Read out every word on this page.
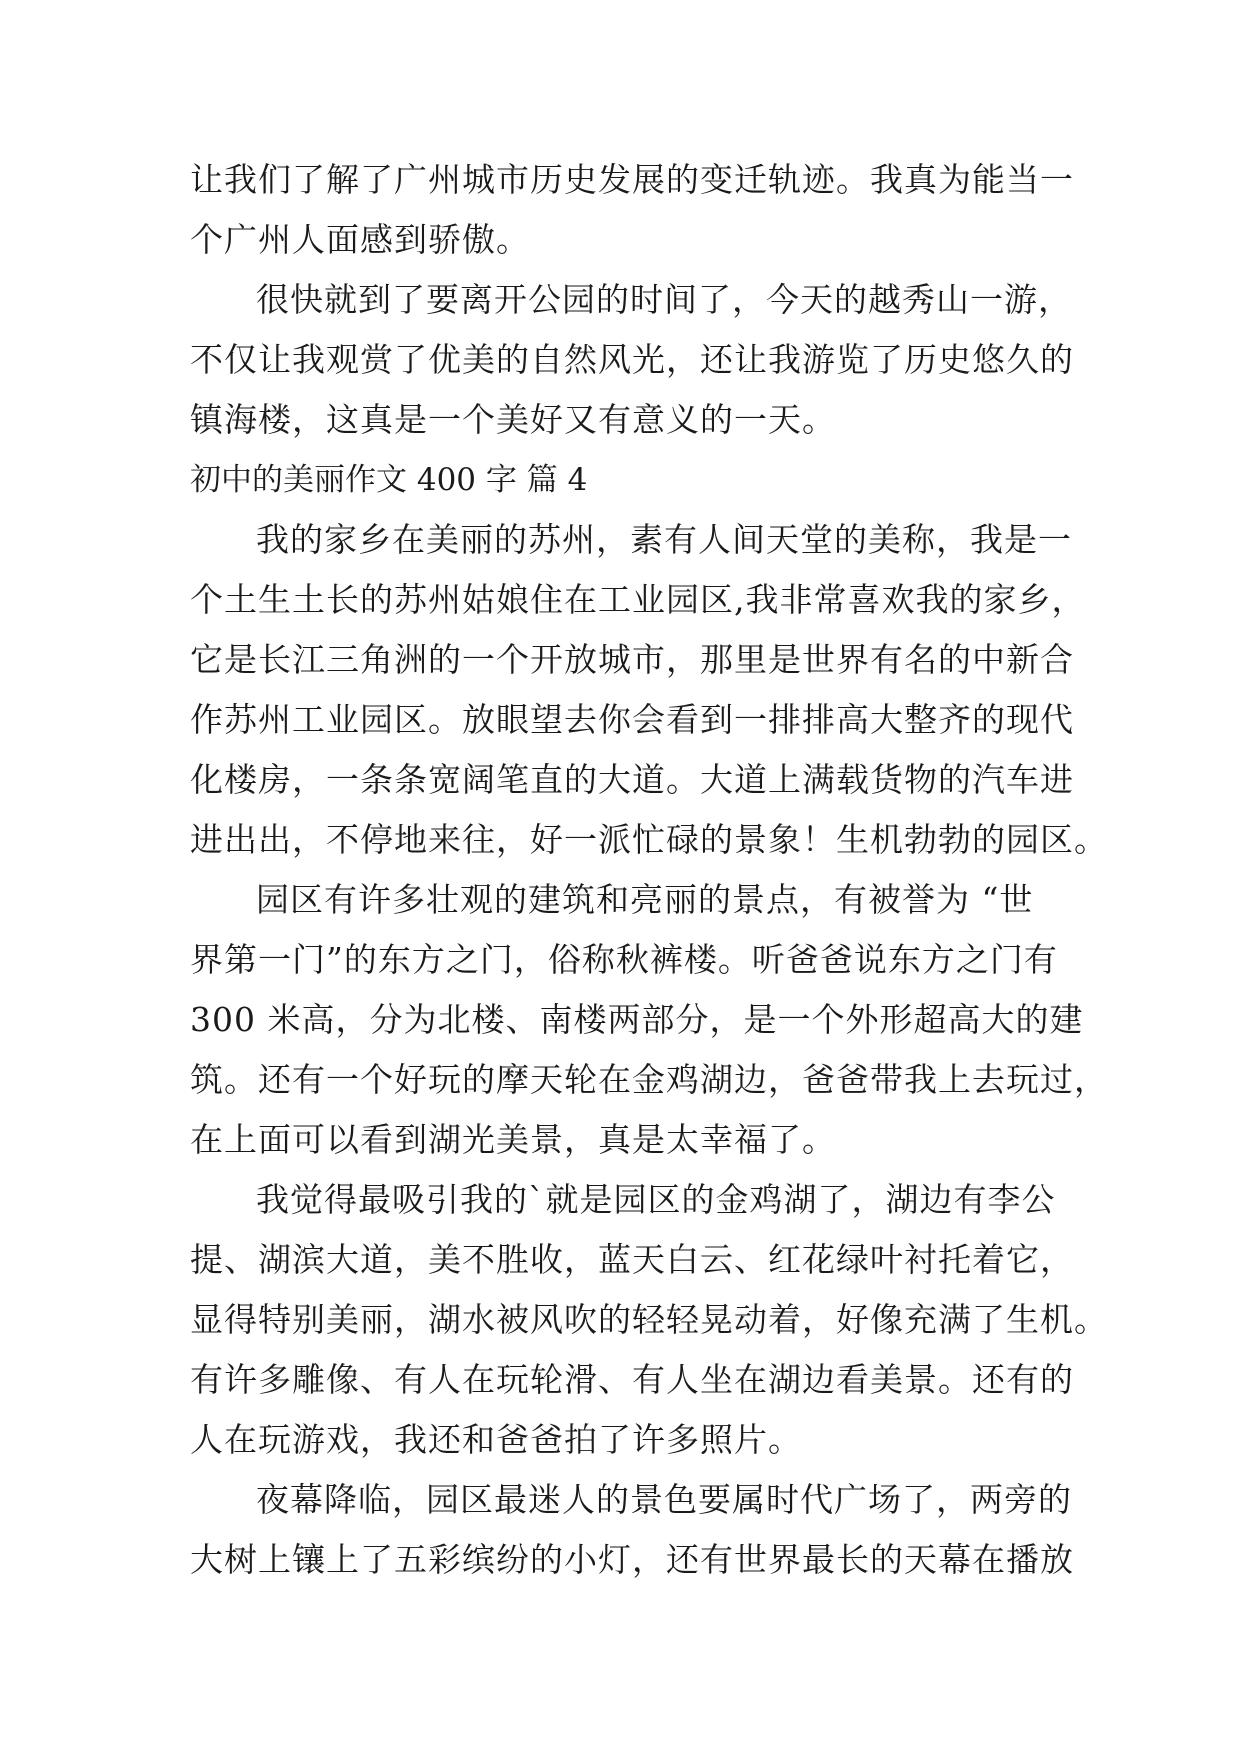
让我们了解了广州城市历史发展的变迁轨迹。我真为能当一
个广州人面感到骄傲。
很快就到了要离开公园的时间了，今天的越秀山一游，
不仅让我观赏了优美的自然风光，还让我游览了历史悠久的
镇海楼，这真是一个美好又有意义的一天。
初中的美丽作文 400 字 篇 4
我的家乡在美丽的苏州，素有人间天堂的美称，我是一
个土生土长的苏州姑娘住在工业园区,我非常喜欢我的家乡，
它是长江三角洲的一个开放城市，那里是世界有名的中新合
作苏州工业园区。放眼望去你会看到一排排高大整齐的现代
化楼房，一条条宽阔笔直的大道。大道上满载货物的汽车进
进出出，不停地来往，好一派忙碌的景象！生机勃勃的园区。
园区有许多壮观的建筑和亮丽的景点，有被誉为 “世
界第一门”的东方之门，俗称秋裤楼。听爸爸说东方之门有
300 米高，分为北楼、南楼两部分，是一个外形超高大的建
筑。还有一个好玩的摩天轮在金鸡湖边，爸爸带我上去玩过，
在上面可以看到湖光美景，真是太幸福了。
我觉得最吸引我的`就是园区的金鸡湖了，湖边有李公
提、湖滨大道，美不胜收，蓝天白云、红花绿叶衬托着它，
显得特别美丽，湖水被风吹的轻轻晃动着，好像充满了生机。
有许多雕像、有人在玩轮滑、有人坐在湖边看美景。还有的
人在玩游戏，我还和爸爸拍了许多照片。
夜幕降临，园区最迷人的景色要属时代广场了，两旁的
大树上镶上了五彩缤纷的小灯，还有世界最长的天幕在播放
